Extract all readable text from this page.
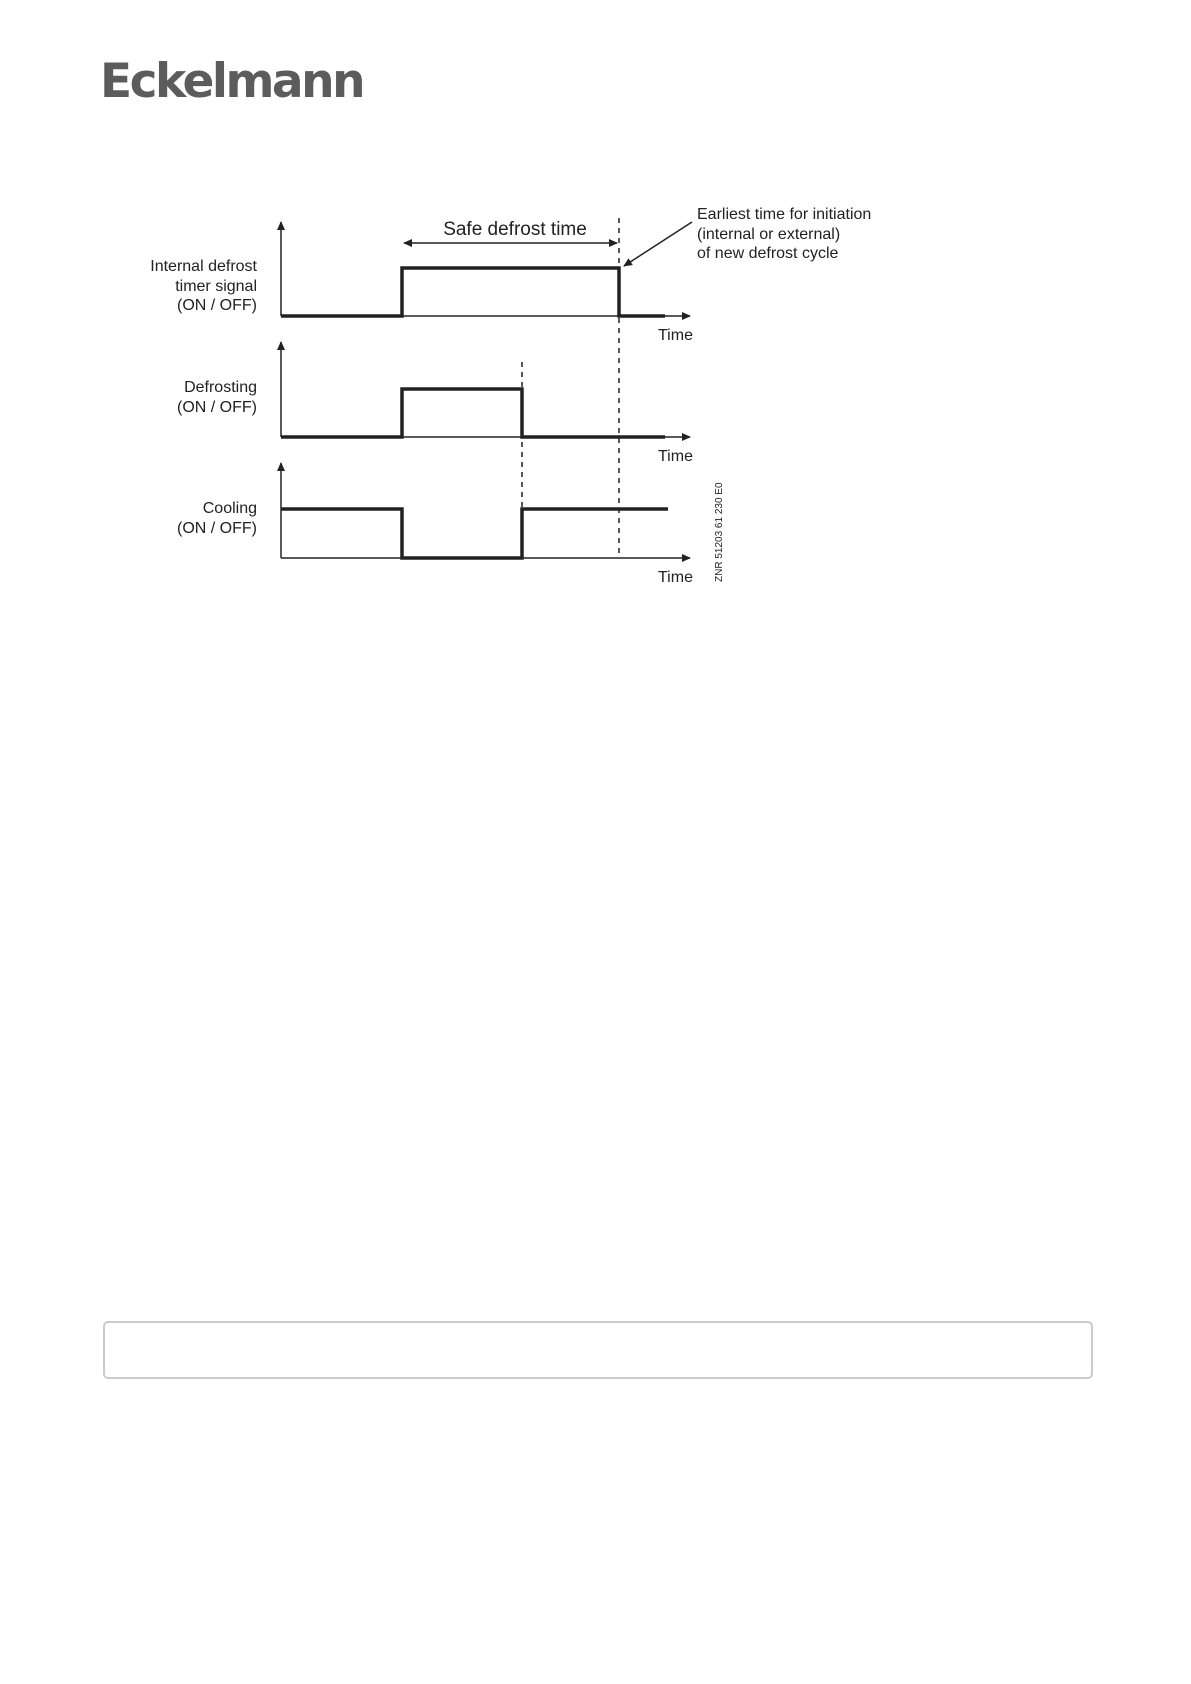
Eckelmann
Internal defrost
timer signal
(ON / OFF)
Time
Defrosting
(ON / OFF)
Time
Cooling
(ON / OFF)
Time
Safe defrost time
Earliest time for initiation
(internal or external)
of new defrost cycle
ZNR 51203 61 230 E0
